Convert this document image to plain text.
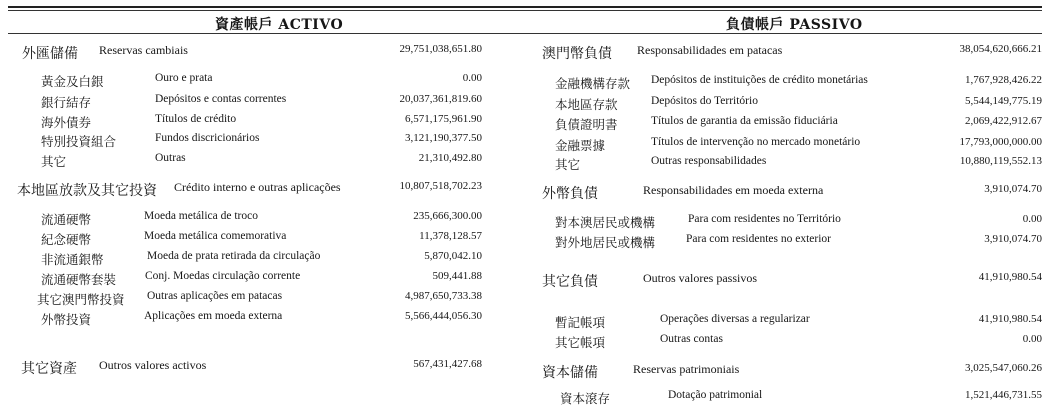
資產帳戶 ACTIVO	負債帳戶 PASSIVO
外匯儲備 Reservas cambiais	29,751,038,651.80
黃金及白銀	Ouro e prata	0.00
銀行結存	Depósitos e contas correntes	20,037,361,819.60
海外債券	Títulos de crédito	6,571,175,961.90
特別投資組合	Fundos discricionários	3,121,190,377.50
其它	Outras	21,310,492.80
本地區放款及其它投資 Crédito interno e outras aplicações	10,807,518,702.23
流通硬幣	Moeda metálica de troco	235,666,300.00
紀念硬幣	Moeda metálica comemorativa	11,378,128.57
非流通銀幣	Moeda de prata retirada da circulação	5,870,042.10
流通硬幣套裝	Conj. Moedas circulação corrente	509,441.88
其它澳門幣投資 Outras aplicações em patacas	4,987,650,733.38
外幣投資	Aplicações em moeda externa	5,566,444,056.30
其它資產 Outros valores activos	567,431,427.68
澳門幣負債 Responsabilidades em patacas	38,054,620,666.21
金融機構存款 Depósitos de instituições de crédito monetárias	1,767,928,426.22
本地區存款	Depósitos do Território	5,544,149,775.19
負債證明書	Títulos de garantia da emissão fiduciária	2,069,422,912.67
金融票據	Títulos de intervenção no mercado monetário	17,793,000,000.00
其它	Outras responsabilidades	10,880,119,552.13
外幣負債	Responsabilidades em moeda externa	3,910,074.70
對本澳居民或機構	Para com residentes no Território	0.00
對外地居民或機構	Para com residentes no exterior	3,910,074.70
其它負債	Outros valores passivos	41,910,980.54
暫記帳項	Operações diversas a regularizar	41,910,980.54
其它帳項	Outras contas	0.00
資本儲備	Reservas patrimoniais	3,025,547,060.26
資本滾存	Dotação patrimonial	1,521,446,731.55
